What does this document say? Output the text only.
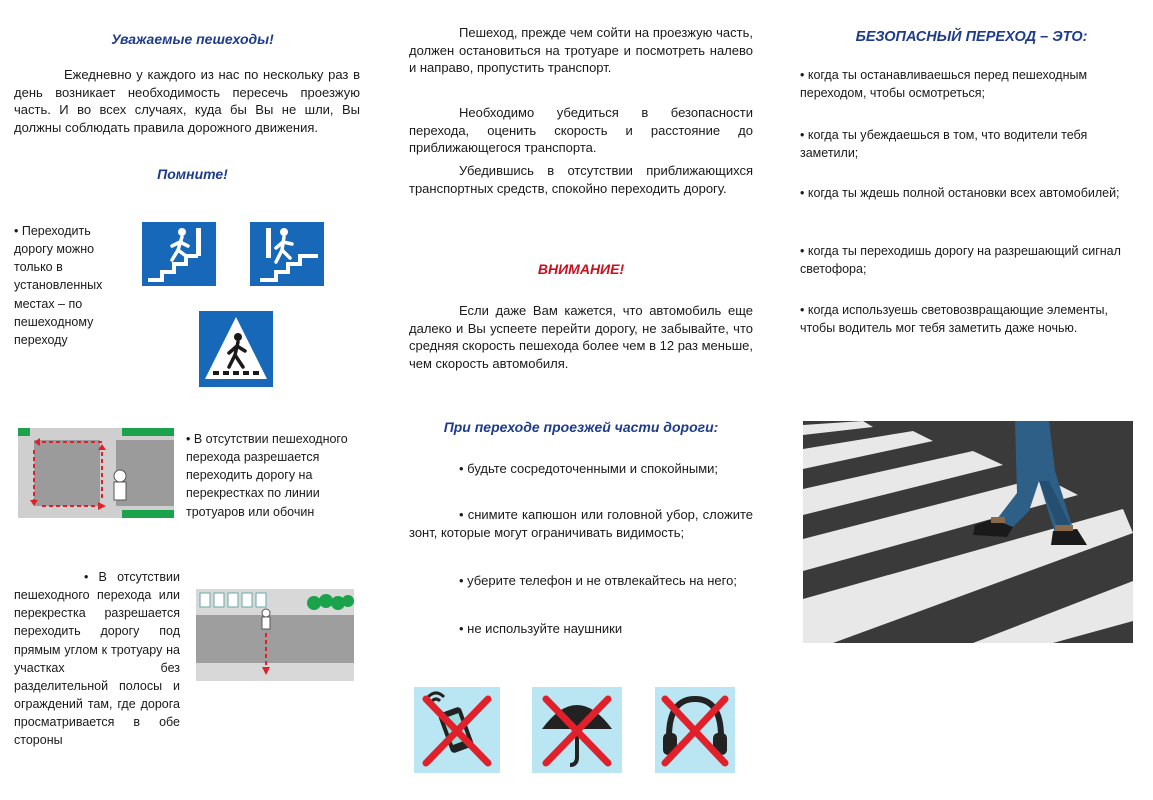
Уважаемые пешеходы!
Ежедневно у каждого из нас по нескольку раз в день возникает необходимость пересечь проезжую часть. И во всех случаях, куда бы Вы не шли, Вы должны соблюдать правила дорожного движения.
Помните!
• Переходить дорогу можно только в установленных местах – по пешеходному переходу
• В отсутствии пешеходного перехода разрешается переходить дорогу на перекрестках по линии тротуаров или обочин
• В отсутствии пешеходного перехода или перекрестка разрешается переходить дорогу под прямым углом к тротуару на участках без разделительной полосы и ограждений там, где дорога просматривается в обе стороны
Пешеход, прежде чем сойти на проезжую часть, должен остановиться на тротуаре и посмотреть налево и направо, пропустить транспорт.
Необходимо убедиться в безопасности перехода, оценить скорость и расстояние до приближающегося транспорта.
Убедившись в отсутствии приближающихся транспортных средств, спокойно переходить дорогу.
ВНИМАНИЕ!
Если даже Вам кажется, что автомобиль еще далеко и Вы успеете перейти дорогу, не забывайте, что средняя скорость пешехода более чем в 12 раз меньше, чем скорость автомобиля.
При переходе проезжей части дороги:
• будьте сосредоточенными и спокойными;
• снимите капюшон или головной убор, сложите зонт, которые могут ограничивать видимость;
• уберите телефон и не отвлекайтесь на него;
• не используйте наушники
БЕЗОПАСНЫЙ ПЕРЕХОД – ЭТО:
• когда ты останавливаешься перед пешеходным переходом, чтобы осмотреться;
• когда ты убеждаешься в том, что водители тебя заметили;
• когда ты ждешь полной остановки всех автомобилей;
• когда ты переходишь дорогу на разрешающий сигнал светофора;
• когда используешь световозвращающие элементы, чтобы водитель мог тебя заметить даже ночью.
